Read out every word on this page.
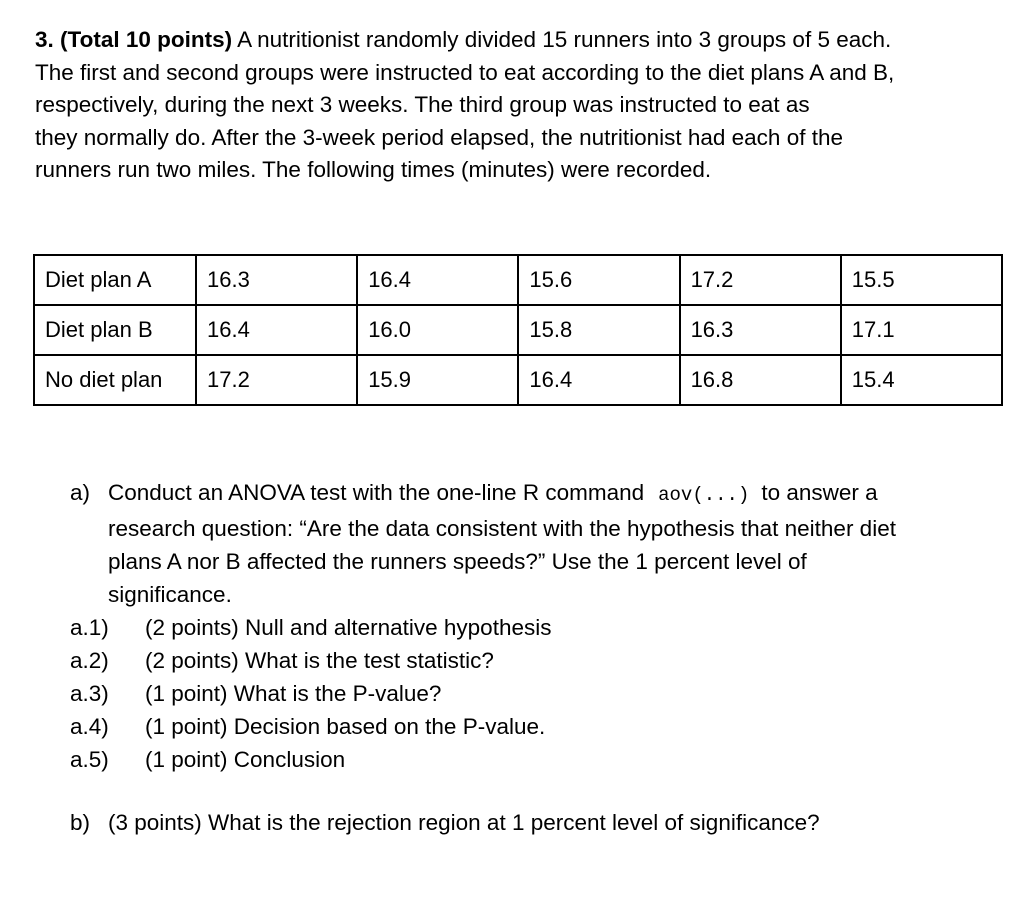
3. (Total 10 points) A nutritionist randomly divided 15 runners into 3 groups of 5 each.
The first and second groups were instructed to eat according to the diet plans A and B,
respectively, during the next 3 weeks. The third group was instructed to eat as
they normally do. After the 3-week period elapsed, the nutritionist had each of the
runners run two miles. The following times (minutes) were recorded.
Diet plan A	16.3	16.4	15.6	17.2	15.5
Diet plan B	16.4	16.0	15.8	16.3	17.1
No diet plan	17.2	15.9	16.4	16.8	15.4
a) Conduct an ANOVA test with the one-line R command aov(...) to answer a
research question: “Are the data consistent with the hypothesis that neither diet
plans A nor B affected the runners speeds?” Use the 1 percent level of
significance.
a.1) (2 points) Null and alternative hypothesis
a.2) (2 points) What is the test statistic?
a.3) (1 point) What is the P-value?
a.4) (1 point) Decision based on the P-value.
a.5) (1 point) Conclusion
b) (3 points) What is the rejection region at 1 percent level of significance?
